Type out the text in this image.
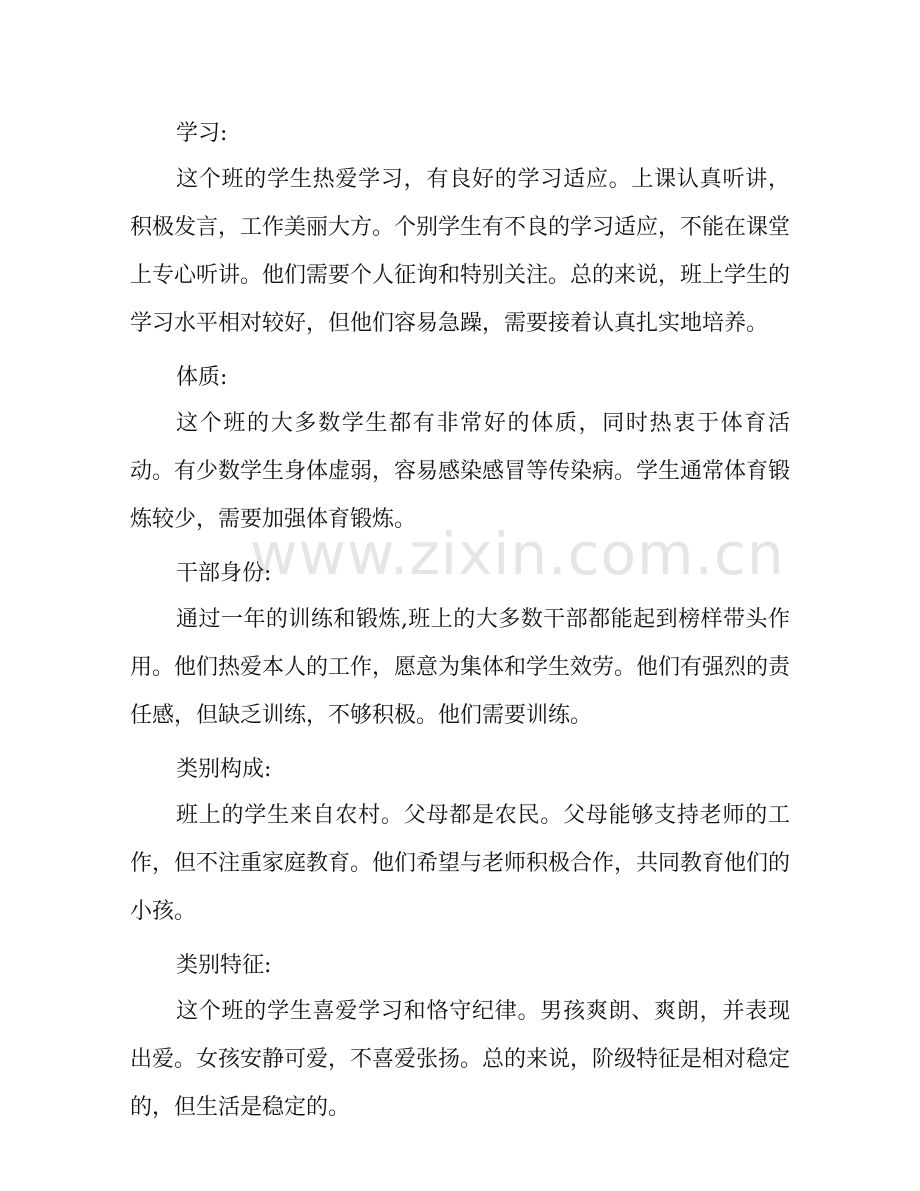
www.zixin.com.cn
学习:

这个班的学生热爱学习，有良好的学习适应。上课认真听讲，积极发言，工作美丽大方。个别学生有不良的学习适应，不能在课堂上专心听讲。他们需要个人征询和特别关注。总的来说，班上学生的学习水平相对较好，但他们容易急躁，需要接着认真扎实地培养。

体质:

这个班的大多数学生都有非常好的体质，同时热衷于体育活动。有少数学生身体虚弱，容易感染感冒等传染病。学生通常体育锻炼较少，需要加强体育锻炼。

干部身份:

通过一年的训练和锻炼,班上的大多数干部都能起到榜样带头作用。他们热爱本人的工作，愿意为集体和学生效劳。他们有强烈的责任感，但缺乏训练，不够积极。他们需要训练。

类别构成:

班上的学生来自农村。父母都是农民。父母能够支持老师的工作，但不注重家庭教育。他们希望与老师积极合作，共同教育他们的小孩。

类别特征:

这个班的学生喜爱学习和恪守纪律。男孩爽朗、爽朗，并表现出爱。女孩安静可爱，不喜爱张扬。总的来说，阶级特征是相对稳定的，但生活是稳定的。
